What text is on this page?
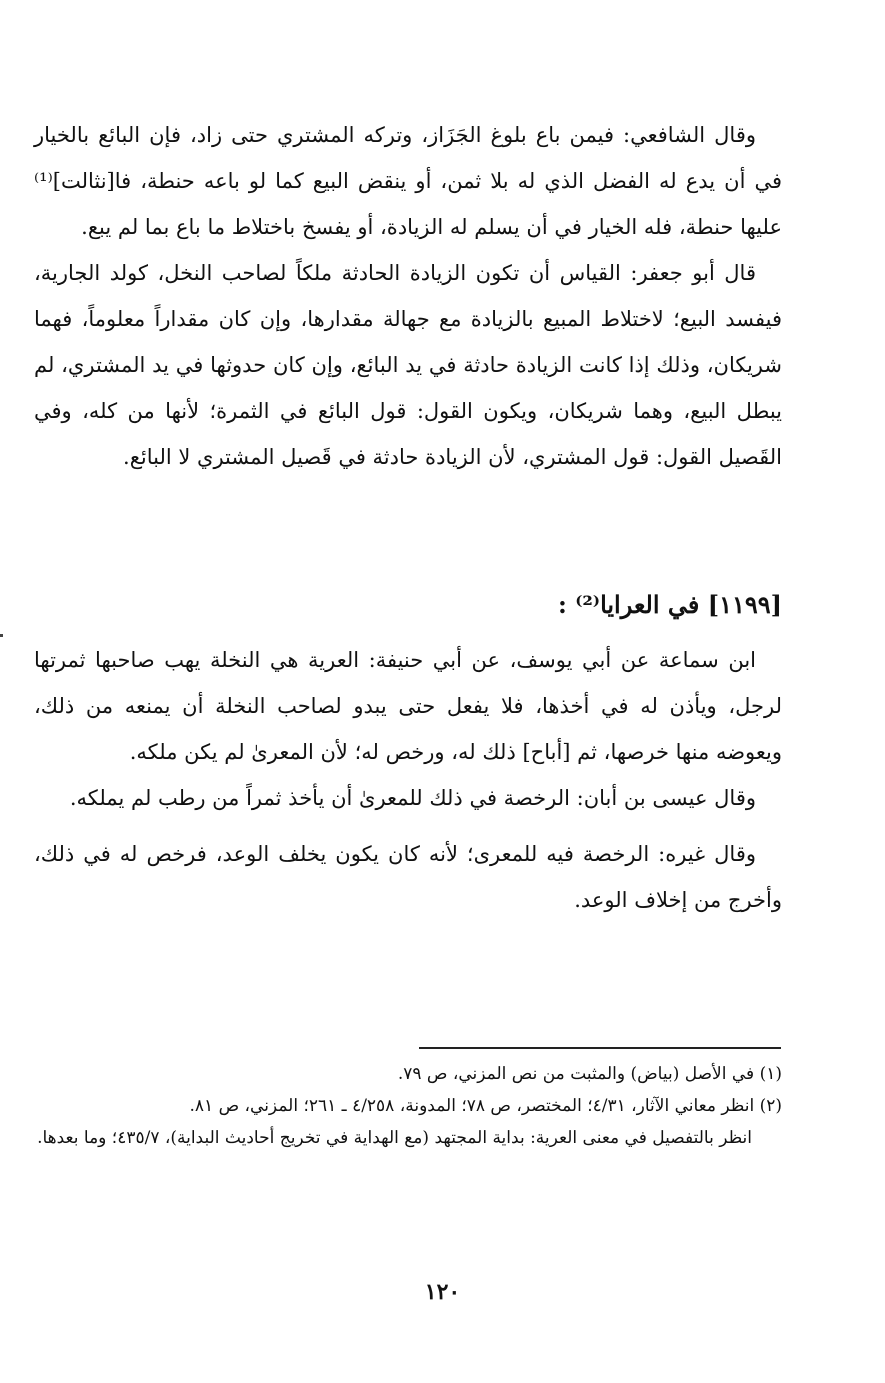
وقال الشافعي: فيمن باع بلوغ الجَزَاز، وتركه المشتري حتى زاد، فإن البائع بالخيار في أن يدع له الفضل الذي له بلا ثمن، أو ينقض البيع كما لو باعه حنطة، فا[نثالت]⁽¹⁾ عليها حنطة، فله الخيار في أن يسلم له الزيادة، أو يفسخ باختلاط ما باع بما لم يبع.

قال أبو جعفر: القياس أن تكون الزيادة الحادثة ملكاً لصاحب النخل، كولد الجارية، فيفسد البيع؛ لاختلاط المبيع بالزيادة مع جهالة مقدارها، وإن كان مقداراً معلوماً، فهما شريكان، وذلك إذا كانت الزيادة حادثة في يد البائع، وإن كان حدوثها في يد المشتري، لم يبطل البيع، وهما شريكان، ويكون القول: قول البائع في الثمرة؛ لأنها من كله، وفي القَصيل القول: قول المشتري، لأن الزيادة حادثة في قَصيل المشتري لا البائع.

[١١٩٩] في العرايا⁽²⁾ :

ابن سماعة عن أبي يوسف، عن أبي حنيفة: العرية هي النخلة يهب صاحبها ثمرتها لرجل، ويأذن له في أخذها، فلا يفعل حتى يبدو لصاحب النخلة أن يمنعه من ذلك، ويعوضه منها خرصها، ثم [أباح] ذلك له، ورخص له؛ لأن المعرىٰ لم يكن ملكه.

وقال عيسى بن أبان: الرخصة في ذلك للمعرىٰ أن يأخذ ثمراً من رطب لم يملكه.

وقال غيره: الرخصة فيه للمعرى؛ لأنه كان يكون يخلف الوعد، فرخص له في ذلك، وأخرج من إخلاف الوعد.

(١) في الأصل (بياض) والمثبت من نص المزني، ص ٧٩.

(٢) انظر معاني الآثار، ٤/٣١؛ المختصر، ص ٧٨؛ المدونة، ٤/٢٥٨ ـ ٢٦١؛ المزني، ص ٨١.

انظر بالتفصيل في معنى العرية: بداية المجتهد (مع الهداية في تخريج أحاديث البداية)، ٤٣٥/٧؛ وما بعدها.

١٢٠
